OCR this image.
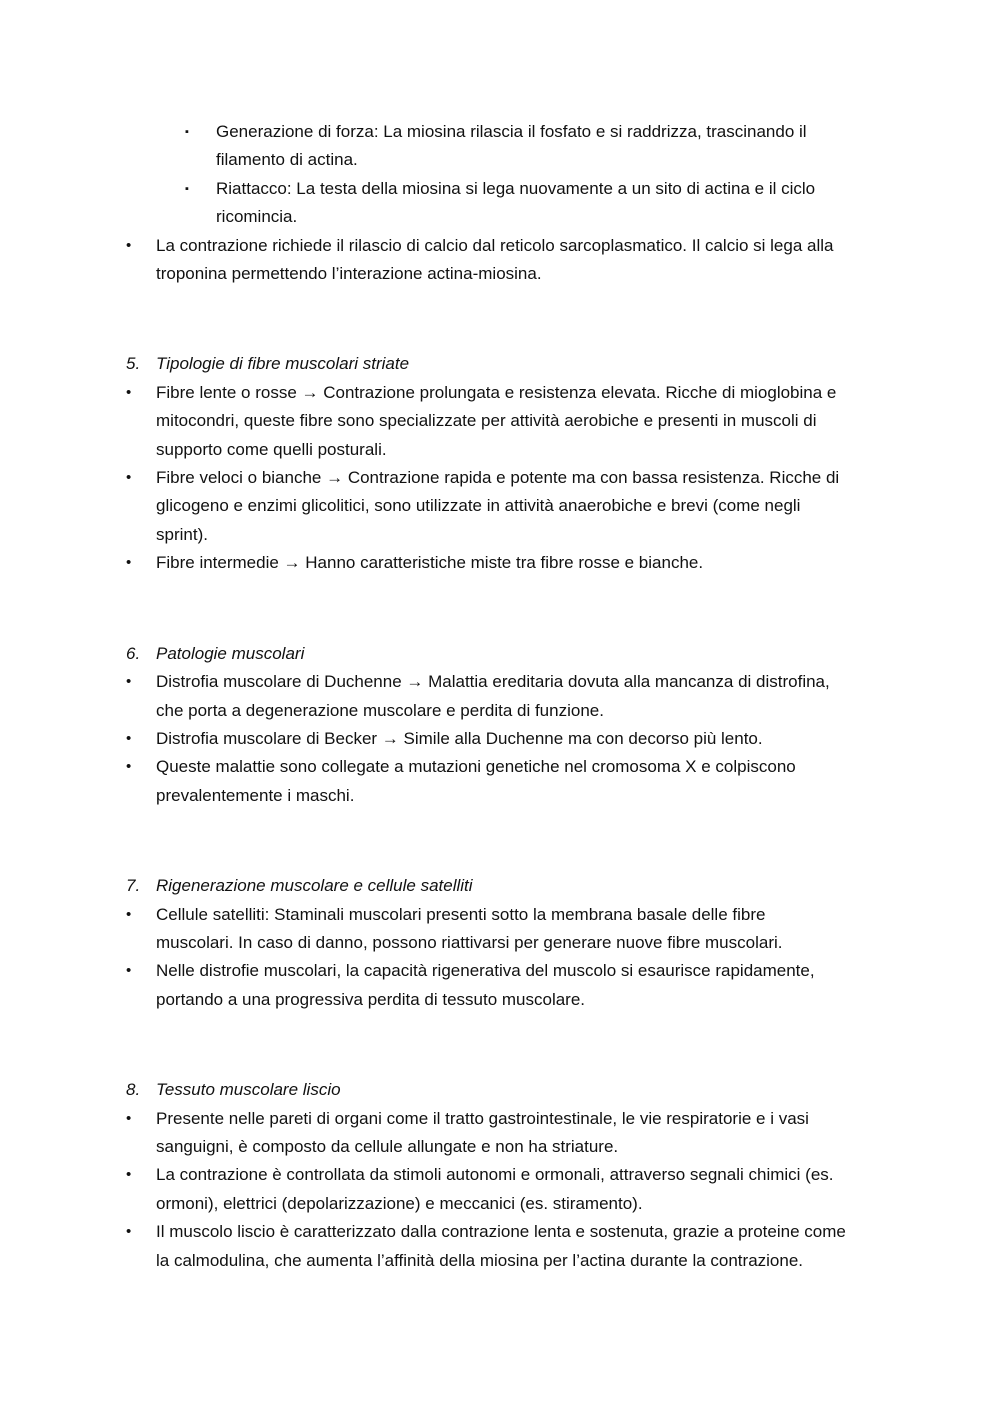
▪	Generazione di forza: La miosina rilascia il fosfato e si raddrizza, trascinando il
filamento di actina.
▪	Riattacco: La testa della miosina si lega nuovamente a un sito di actina e il ciclo
ricomincia.
•	La contrazione richiede il rilascio di calcio dal reticolo sarcoplasmatico. Il calcio si lega alla
troponina permettendo l’interazione actina-miosina.
5. Tipologie di fibre muscolari striate
•	Fibre lente o rosse → Contrazione prolungata e resistenza elevata. Ricche di mioglobina e
mitocondri, queste fibre sono specializzate per attività aerobiche e presenti in muscoli di
supporto come quelli posturali.
•	Fibre veloci o bianche → Contrazione rapida e potente ma con bassa resistenza. Ricche di
glicogeno e enzimi glicolitici, sono utilizzate in attività anaerobiche e brevi (come negli
sprint).
•	Fibre intermedie → Hanno caratteristiche miste tra fibre rosse e bianche.
6. Patologie muscolari
•	Distrofia muscolare di Duchenne → Malattia ereditaria dovuta alla mancanza di distrofina,
che porta a degenerazione muscolare e perdita di funzione.
•	Distrofia muscolare di Becker → Simile alla Duchenne ma con decorso più lento.
•	Queste malattie sono collegate a mutazioni genetiche nel cromosoma X e colpiscono
prevalentemente i maschi.
7. Rigenerazione muscolare e cellule satelliti
•	Cellule satelliti: Staminali muscolari presenti sotto la membrana basale delle fibre
muscolari. In caso di danno, possono riattivarsi per generare nuove fibre muscolari.
•	Nelle distrofie muscolari, la capacità rigenerativa del muscolo si esaurisce rapidamente,
portando a una progressiva perdita di tessuto muscolare.
8. Tessuto muscolare liscio
•	Presente nelle pareti di organi come il tratto gastrointestinale, le vie respiratorie e i vasi
sanguigni, è composto da cellule allungate e non ha striature.
•	La contrazione è controllata da stimoli autonomi e ormonali, attraverso segnali chimici (es.
ormoni), elettrici (depolarizzazione) e meccanici (es. stiramento).
•	Il muscolo liscio è caratterizzato dalla contrazione lenta e sostenuta, grazie a proteine come
la calmodulina, che aumenta l’affinità della miosina per l’actina durante la contrazione.
